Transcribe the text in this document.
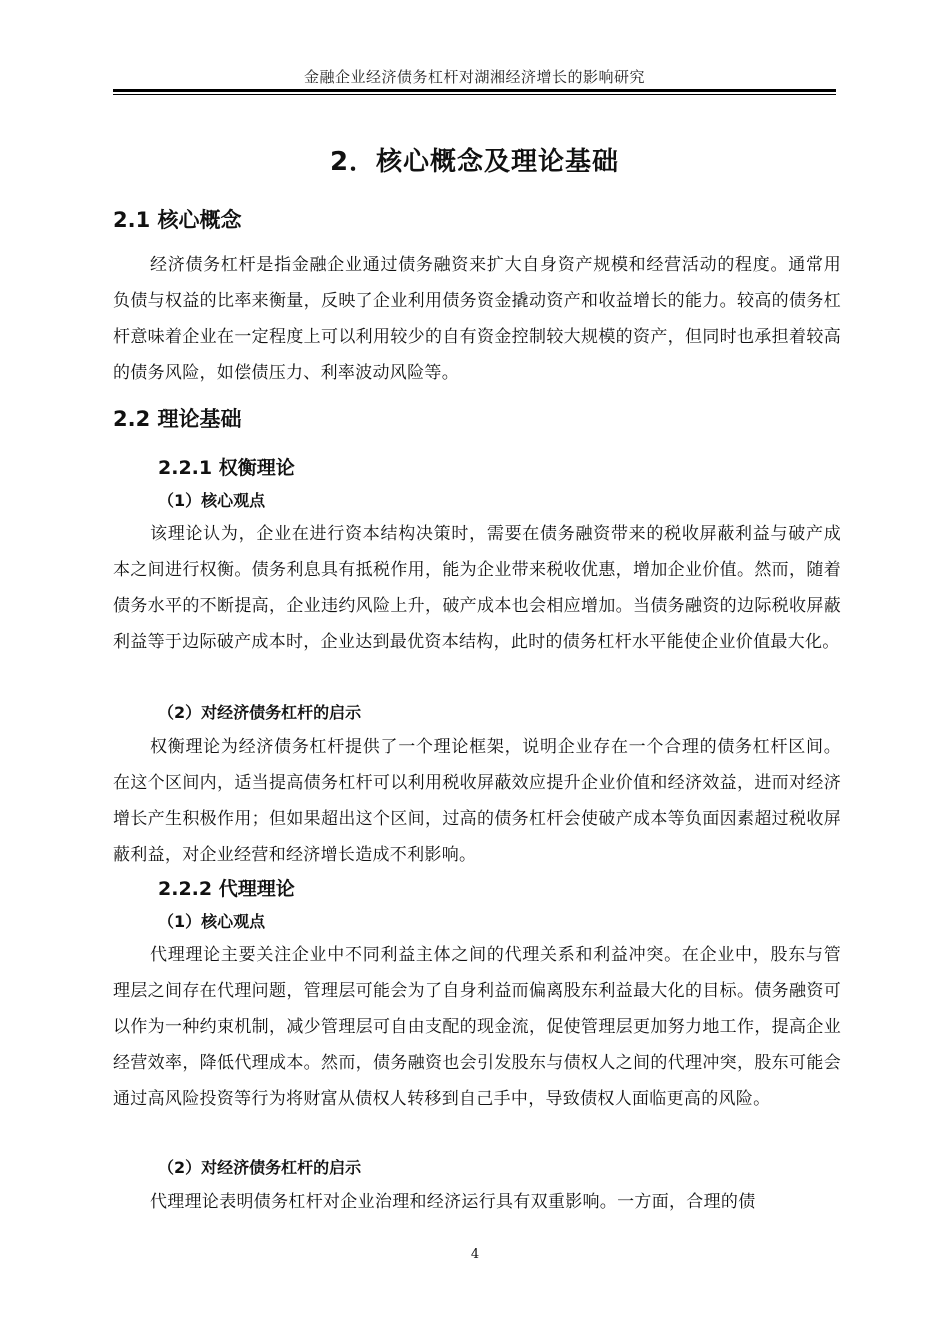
金融企业经济债务杠杆对湖湘经济增长的影响研究
2．核心概念及理论基础
2.1 核心概念
经济债务杠杆是指金融企业通过债务融资来扩大自身资产规模和经营活动的程度。通常用负债与权益的比率来衡量，反映了企业利用债务资金撬动资产和收益增长的能力。较高的债务杠杆意味着企业在一定程度上可以利用较少的自有资金控制较大规模的资产，但同时也承担着较高的债务风险，如偿债压力、利率波动风险等。
2.2 理论基础
2.2.1 权衡理论
（1）核心观点
该理论认为，企业在进行资本结构决策时，需要在债务融资带来的税收屏蔽利益与破产成本之间进行权衡。债务利息具有抵税作用，能为企业带来税收优惠，增加企业价值。然而，随着债务水平的不断提高，企业违约风险上升，破产成本也会相应增加。当债务融资的边际税收屏蔽利益等于边际破产成本时，企业达到最优资本结构，此时的债务杠杆水平能使企业价值最大化。
（2）对经济债务杠杆的启示
权衡理论为经济债务杠杆提供了一个理论框架，说明企业存在一个合理的债务杠杆区间。在这个区间内，适当提高债务杠杆可以利用税收屏蔽效应提升企业价值和经济效益，进而对经济增长产生积极作用；但如果超出这个区间，过高的债务杠杆会使破产成本等负面因素超过税收屏蔽利益，对企业经营和经济增长造成不利影响。
2.2.2 代理理论
（1）核心观点
代理理论主要关注企业中不同利益主体之间的代理关系和利益冲突。在企业中，股东与管理层之间存在代理问题，管理层可能会为了自身利益而偏离股东利益最大化的目标。债务融资可以作为一种约束机制，减少管理层可自由支配的现金流，促使管理层更加努力地工作，提高企业经营效率，降低代理成本。然而，债务融资也会引发股东与债权人之间的代理冲突，股东可能会通过高风险投资等行为将财富从债权人转移到自己手中，导致债权人面临更高的风险。
（2）对经济债务杠杆的启示
代理理论表明债务杠杆对企业治理和经济运行具有双重影响。一方面，合理的债
4
